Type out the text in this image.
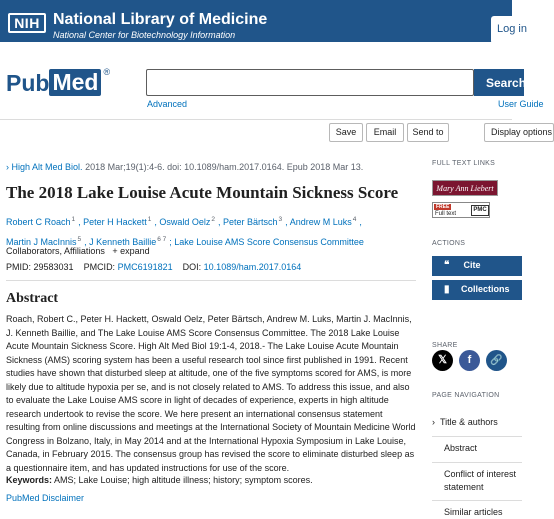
NIH National Library of Medicine
National Center for Biotechnology Information	Log in
Pub Med ®
Search
Advanced	User Guide
Save	Email	Send to	Display options
› High Alt Med Biol. 2018 Mar;19(1):4-6. doi: 10.1089/ham.2017.0164. Epub 2018 Mar 13.
The 2018 Lake Louise Acute Mountain Sickness Score
Robert C Roach$^1$ , Peter H Hackett$^1$ , Oswald Oelz$^2$ , Peter Bärtsch$^3$ , Andrew M Luks$^4$ ,
Martin J MacInnis$^5$ , J Kenneth Baillie$^{6 7}$ ; Lake Louise AMS Score Consensus Committee
Collaborators, Affiliations + expand
PMID: 29583031 PMCID: PMC6191821 DOI: 10.1089/ham.2017.0164
Abstract

Roach, Robert C., Peter H. Hackett, Oswald Oelz, Peter Bärtsch, Andrew M. Luks, Martin J. MacInnis, J. Kenneth Baillie, and The Lake Louise AMS Score Consensus Committee. The 2018 Lake Louise Acute Mountain Sickness Score. High Alt Med Biol 19:1-4, 2018.- The Lake Louise Acute Mountain Sickness (AMS) scoring system has been a useful research tool since first published in 1991. Recent studies have shown that disturbed sleep at altitude, one of the five symptoms scored for AMS, is more likely due to altitude hypoxia per se, and is not closely related to AMS. To address this issue, and also to evaluate the Lake Louise AMS score in light of decades of experience, experts in high altitude research undertook to revise the score. We here present an international consensus statement resulting from online discussions and meetings at the International Society of Mountain Medicine World Congress in Bolzano, Italy, in May 2014 and at the International Hypoxia Symposium in Lake Louise, Canada, in February 2015. The consensus group has revised the score to eliminate disturbed sleep as a questionnaire item, and has updated instructions for use of the score.

Keywords: AMS; Lake Louise; high altitude illness; history; symptom scores.
PubMed Disclaimer
FULL TEXT LINKS
Mary Ann Liebert
FREE
Full text
PMC
ACTIONS
❝ Cite
▮ Collections
SHARE
𝕏	f	🔗
PAGE NAVIGATION
› Title & authors
Abstract
Conflict of interest statement
Similar articles
